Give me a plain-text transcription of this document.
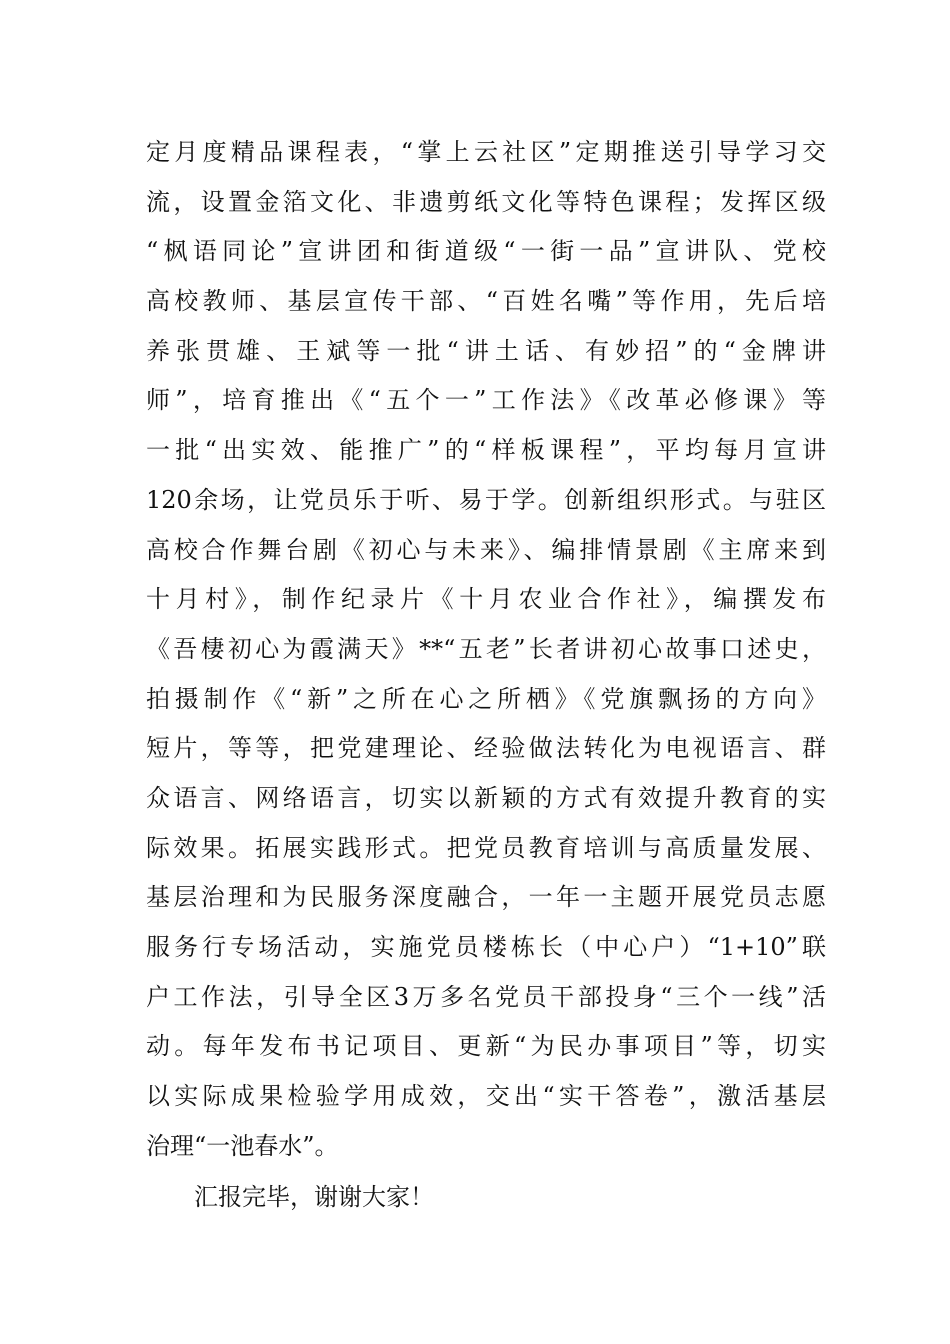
定月度精品课程表，“掌上云社区”定期推送引导学习交
流，设置金箔文化、非遗剪纸文化等特色课程；发挥区级
“枫语同论”宣讲团和街道级“一街一品”宣讲队、党校
高校教师、基层宣传干部、“百姓名嘴”等作用，先后培
养张贯雄、王斌等一批“讲土话、有妙招”的“金牌讲
师”，培育推出《“五个一”工作法》《改革必修课》等
一批“出实效、能推广”的“样板课程”，平均每月宣讲
120余场，让党员乐于听、易于学。创新组织形式。与驻区
高校合作舞台剧《初心与未来》、编排情景剧《主席来到
十月村》，制作纪录片《十月农业合作社》，编撰发布
《吾棲初心为霞满天》**“五老”长者讲初心故事口述史，
拍摄制作《“新”之所在心之所栖》《党旗飘扬的方向》
短片，等等，把党建理论、经验做法转化为电视语言、群
众语言、网络语言，切实以新颖的方式有效提升教育的实
际效果。拓展实践形式。把党员教育培训与高质量发展、
基层治理和为民服务深度融合，一年一主题开展党员志愿
服务行专场活动，实施党员楼栋长（中心户）“1+10”联
户工作法，引导全区3万多名党员干部投身“三个一线”活
动。每年发布书记项目、更新“为民办事项目”等，切实
以实际成果检验学用成效，交出“实干答卷”，激活基层
治理“一池春水”。
汇报完毕，谢谢大家！
